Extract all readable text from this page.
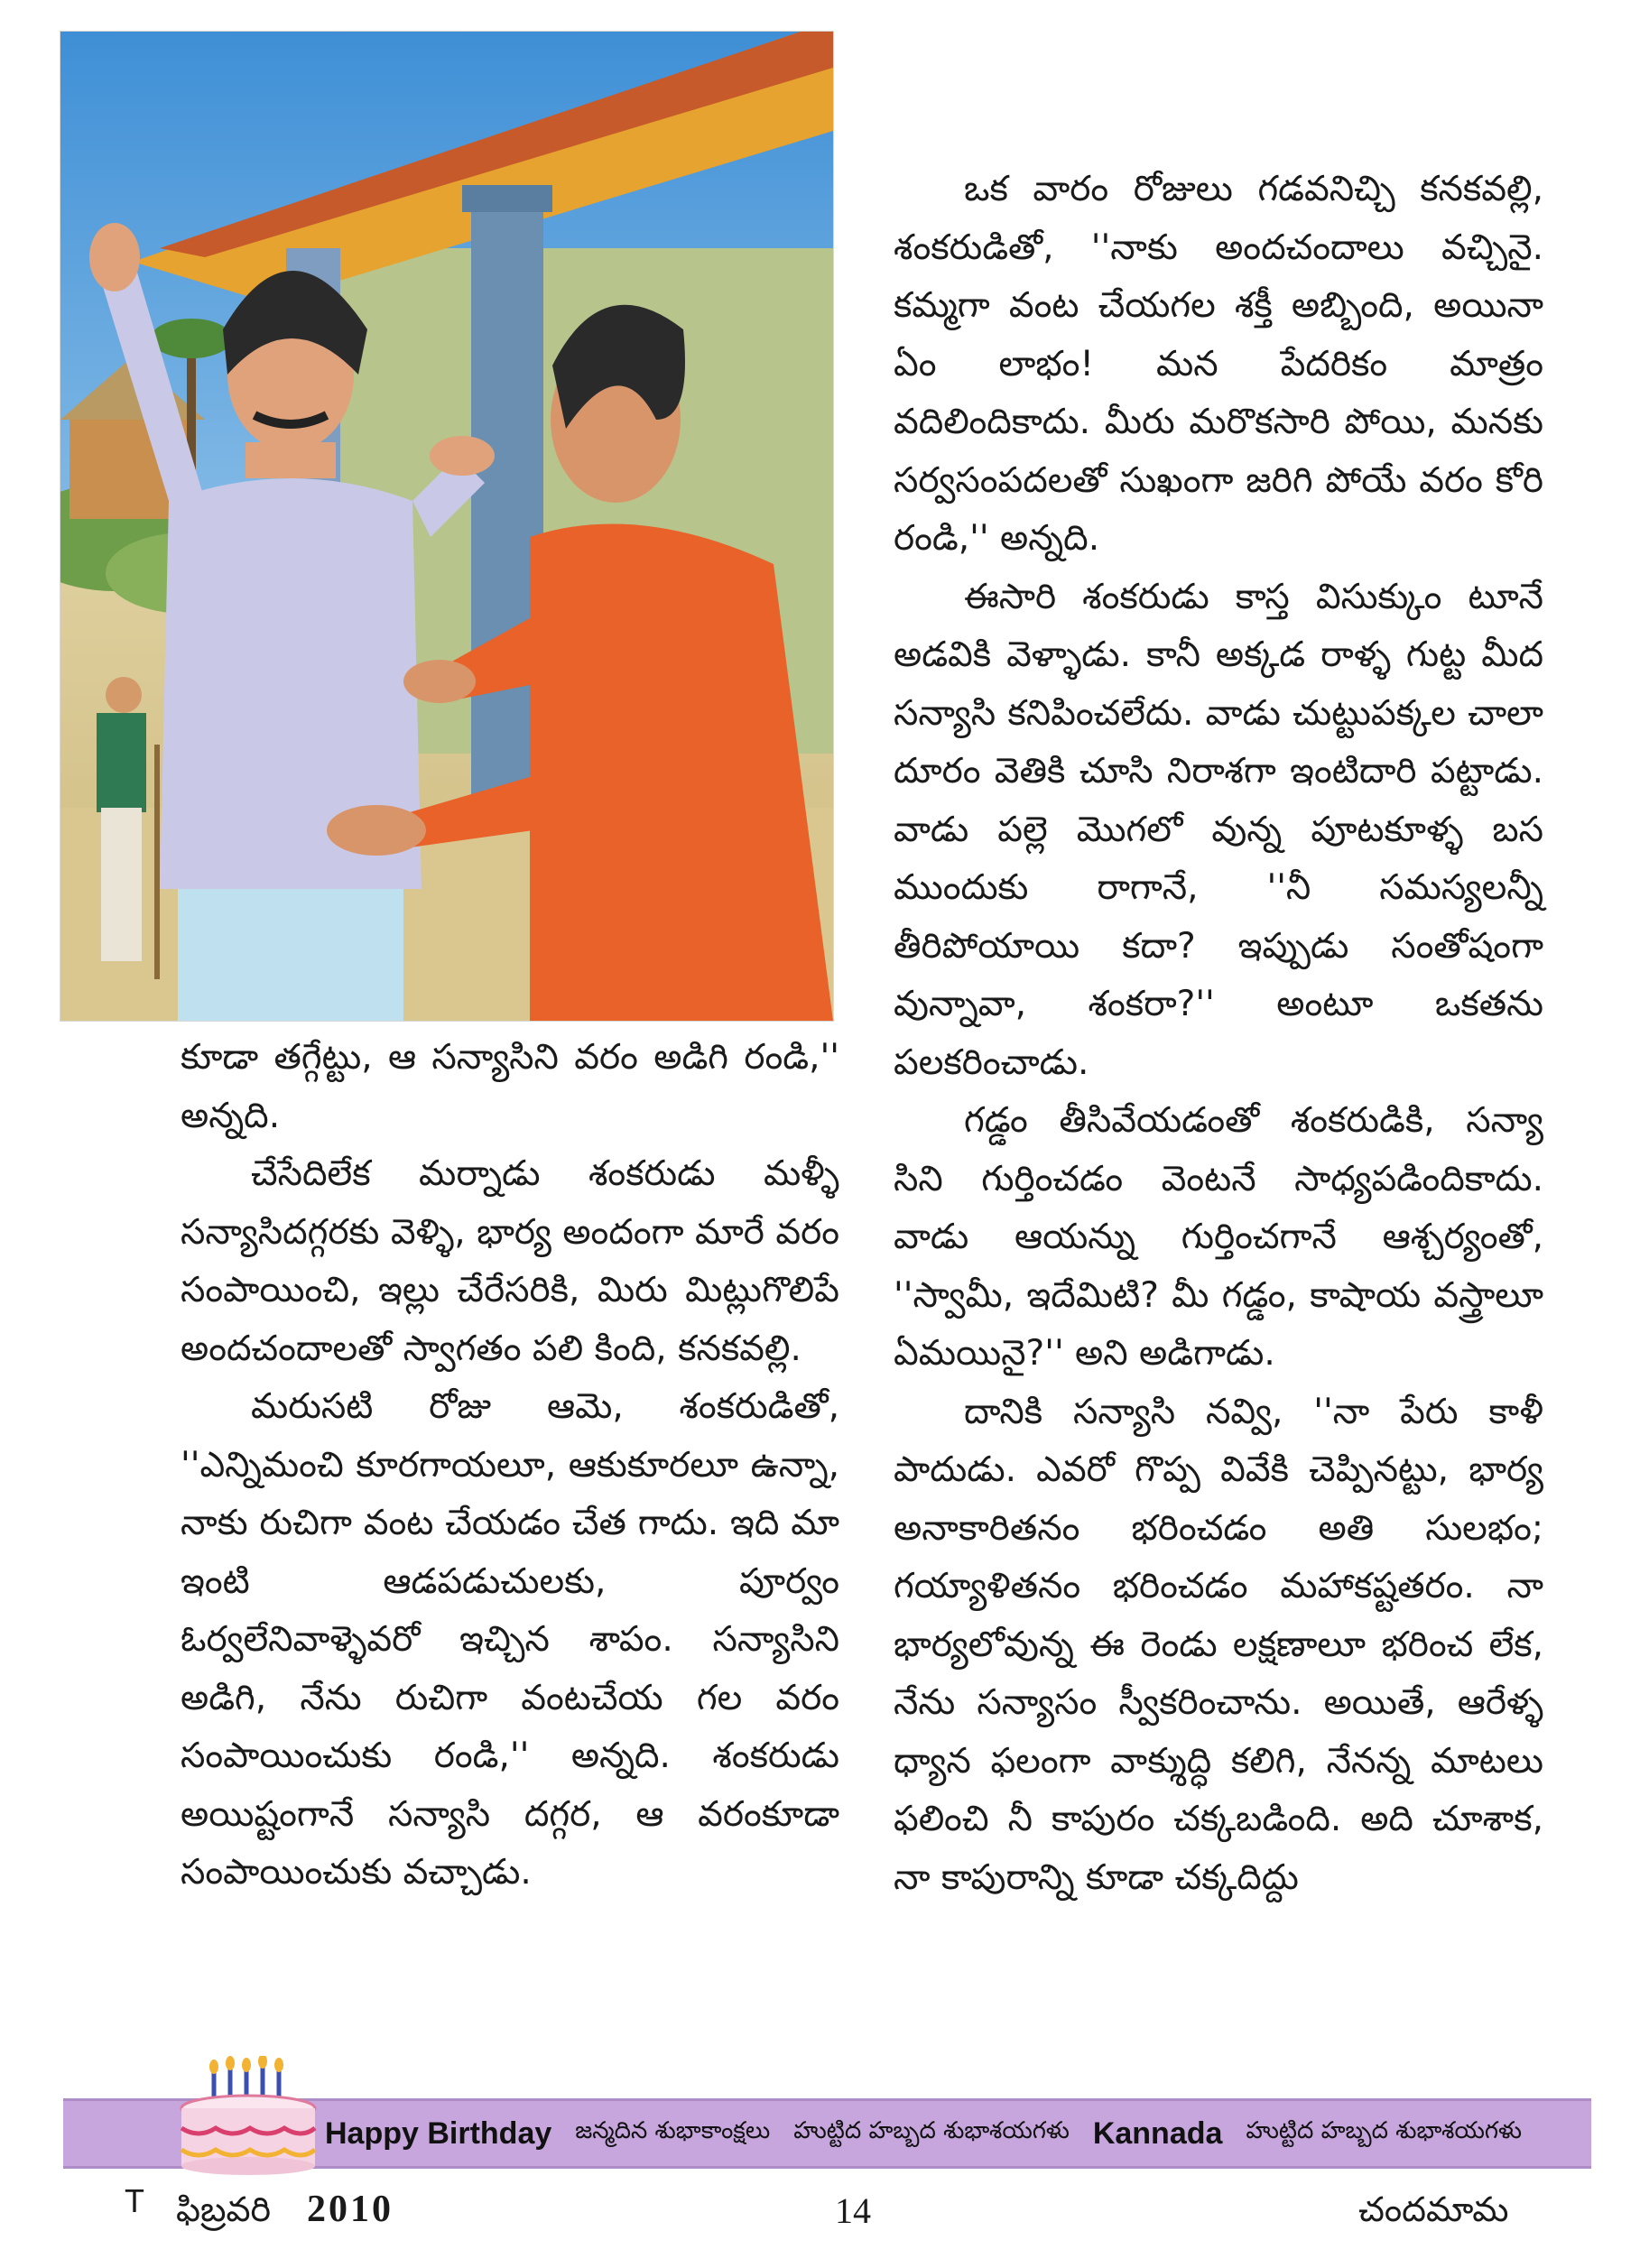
ఒక వారం రోజులు గడవనిచ్చి కనకవల్లి, శంకరుడితో, ''నాకు అందచందాలు వచ్చినై. కమ్మగా వంట చేయగల శక్తీ అబ్బింది, అయినా ఏం లాభం! మన పేదరికం మాత్రం వదిలిందికాదు. మీరు మరొకసారి పోయి, మనకు సర్వసంపదలతో సుఖంగా జరిగి పోయే వరం కోరి రండి,'' అన్నది.

ఈసారి శంకరుడు కాస్త విసుక్కుం టూనే అడవికి వెళ్ళాడు. కానీ అక్కడ రాళ్ళ గుట్ట మీద సన్యాసి కనిపించలేదు. వాడు చుట్టుపక్కల చాలా దూరం వెతికి చూసి నిరాశగా ఇంటిదారి పట్టాడు. వాడు పల్లె మొగలో వున్న పూటకూళ్ళ బస ముందుకు రాగానే, ''నీ సమస్యలన్నీ తీరిపోయాయి కదా? ఇప్పుడు సంతోషంగా వున్నావా, శంకరా?'' అంటూ ఒకతను పలకరించాడు.

గడ్డం తీసివేయడంతో శంకరుడికి, సన్యా సిని గుర్తించడం వెంటనే సాధ్యపడిందికాదు. వాడు ఆయన్ను గుర్తించగానే ఆశ్చర్యంతో, ''స్వామీ, ఇదేమిటి? మీ గడ్డం, కాషాయ వస్త్రాలూ ఏమయినై?'' అని అడిగాడు.

దానికి సన్యాసి నవ్వి, ''నా పేరు కాళీ పాదుడు. ఎవరో గొప్ప వివేకి చెప్పినట్టు, భార్య అనాకారితనం భరించడం అతి సులభం; గయ్యాళితనం భరించడం మహాకష్టతరం. నా భార్యలోవున్న ఈ రెండు లక్షణాలూ భరించ లేక, నేను సన్యాసం స్వీకరించాను. అయితే, ఆరేళ్ళ ధ్యాన ఫలంగా వాక్శుద్ధి కలిగి, నేనన్న మాటలు ఫలించి నీ కాపురం చక్కబడింది. అది చూశాక, నా కాపురాన్ని కూడా చక్కదిద్దు

కూడా తగ్గేట్టు, ఆ సన్యాసిని వరం అడిగి రండి,'' అన్నది.

చేసేదిలేక మర్నాడు శంకరుడు మళ్ళీ సన్యాసిదగ్గరకు వెళ్ళి, భార్య అందంగా మారే వరం సంపాయించి, ఇల్లు చేరేసరికి, మిరు మిట్లుగొలిపే అందచందాలతో స్వాగతం పలి కింది, కనకవల్లి.

మరుసటి రోజు ఆమె, శంకరుడితో, ''ఎన్నిమంచి కూరగాయలూ, ఆకుకూరలూ ఉన్నా, నాకు రుచిగా వంట చేయడం చేత గాదు. ఇది మా ఇంటి ఆడపడుచులకు, పూర్వం ఓర్వలేనివాళ్ళెవరో ఇచ్చిన శాపం. సన్యాసిని అడిగి, నేను రుచిగా వంటచేయ గల వరం సంపాయించుకు రండి,'' అన్నది. శంకరుడు అయిష్టంగానే సన్యాసి దగ్గర, ఆ వరంకూడా సంపాయించుకు వచ్చాడు.

Happy Birthday జన్మదిన శుభాకాంక్షలు హుట్టిద హబ్బద శుభాశయగళు Kannada హుట్టిద హబ్బద శుభాశయగళు
T ఫిబ్రవరి 2010	14	చందమామ
